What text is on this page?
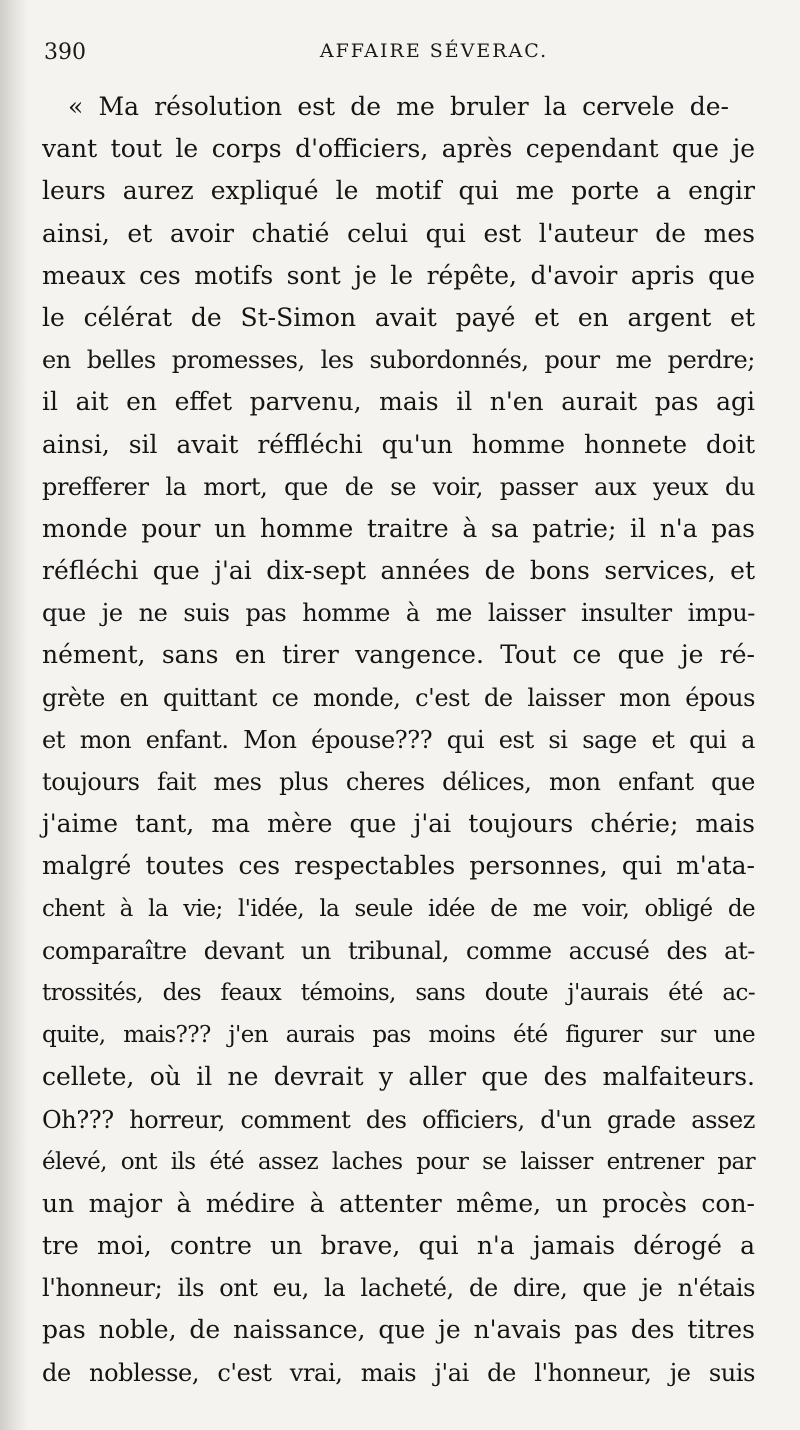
390	AFFAIRE SÉVERAC.
« Ma résolution est de me bruler la cervele de-
vant tout le corps d'officiers, après cependant que je
leurs aurez expliqué le motif qui me porte a engir
ainsi, et avoir chatié celui qui est l'auteur de mes
meaux ces motifs sont je le répête, d'avoir apris que
le célérat de St-Simon avait payé et en argent et
en belles promesses, les subordonnés, pour me perdre;
il ait en effet parvenu, mais il n'en aurait pas agi
ainsi, sil avait réffléchi qu'un homme honnete doit
prefferer la mort, que de se voir, passer aux yeux du
monde pour un homme traitre à sa patrie; il n'a pas
réfléchi que j'ai dix-sept années de bons services, et
que je ne suis pas homme à me laisser insulter impu-
nément, sans en tirer vangence. Tout ce que je ré-
grète en quittant ce monde, c'est de laisser mon épous
et mon enfant. Mon épouse??? qui est si sage et qui a
toujours fait mes plus cheres délices, mon enfant que
j'aime tant, ma mère que j'ai toujours chérie; mais
malgré toutes ces respectables personnes, qui m'ata-
chent à la vie; l'idée, la seule idée de me voir, obligé de
comparaître devant un tribunal, comme accusé des at-
trossités, des feaux témoins, sans doute j'aurais été ac-
quite, mais??? j'en aurais pas moins été figurer sur une
cellete, où il ne devrait y aller que des malfaiteurs.
Oh??? horreur, comment des officiers, d'un grade assez
élevé, ont ils été assez laches pour se laisser entrener par
un major à médire à attenter même, un procès con-
tre moi, contre un brave, qui n'a jamais dérogé a
l'honneur; ils ont eu, la lacheté, de dire, que je n'étais
pas noble, de naissance, que je n'avais pas des titres
de noblesse, c'est vrai, mais j'ai de l'honneur, je suis
